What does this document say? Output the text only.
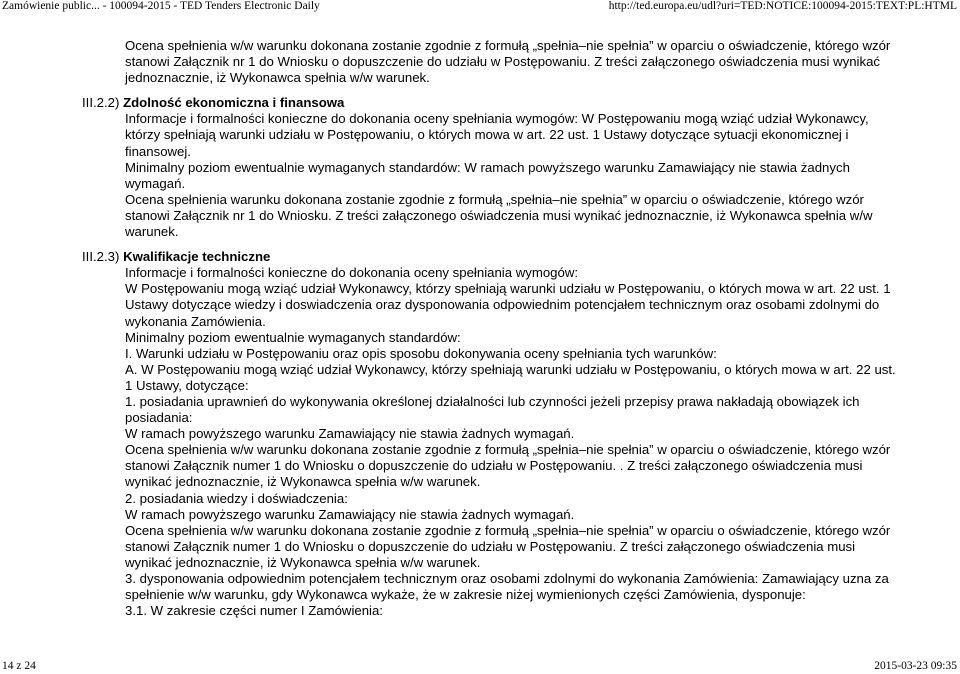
Zamówienie public... - 100094-2015 - TED Tenders Electronic Daily	http://ted.europa.eu/udl?uri=TED:NOTICE:100094-2015:TEXT:PL:HTML

Ocena spełnienia w/w warunku dokonana zostanie zgodnie z formułą „spełnia–nie spełnia” w oparciu o oświadczenie, którego wzór stanowi Załącznik nr 1 do Wniosku o dopuszczenie do udziału w Postępowaniu. Z treści załączonego oświadczenia musi wynikać jednoznacznie, iż Wykonawca spełnia w/w warunek.

III.2.2) Zdolność ekonomiczna i finansowa

Informacje i formalności konieczne do dokonania oceny spełniania wymogów: W Postępowaniu mogą wziąć udział Wykonawcy, którzy spełniają warunki udziału w Postępowaniu, o których mowa w art. 22 ust. 1 Ustawy dotyczące sytuacji ekonomicznej i finansowej.

Minimalny poziom ewentualnie wymaganych standardów: W ramach powyższego warunku Zamawiający nie stawia żadnych wymagań.

Ocena spełnienia warunku dokonana zostanie zgodnie z formułą „spełnia–nie spełnia” w oparciu o oświadczenie, którego wzór stanowi Załącznik nr 1 do Wniosku. Z treści załączonego oświadczenia musi wynikać jednoznacznie, iż Wykonawca spełnia w/w warunek.

III.2.3) Kwalifikacje techniczne

Informacje i formalności konieczne do dokonania oceny spełniania wymogów:

W Postępowaniu mogą wziąć udział Wykonawcy, którzy spełniają warunki udziału w Postępowaniu, o których mowa w art. 22 ust. 1 Ustawy dotyczące wiedzy i doswiadczenia oraz dysponowania odpowiednim potencjałem technicznym oraz osobami zdolnymi do wykonania Zamówienia.

Minimalny poziom ewentualnie wymaganych standardów:

I. Warunki udziału w Postępowaniu oraz opis sposobu dokonywania oceny spełniania tych warunków:

A. W Postępowaniu mogą wziąć udział Wykonawcy, którzy spełniają warunki udziału w Postępowaniu, o których mowa w art. 22 ust. 1 Ustawy, dotyczące:

1. posiadania uprawnień do wykonywania określonej działalności lub czynności jeżeli przepisy prawa nakładają obowiązek ich posiadania:

W ramach powyższego warunku Zamawiający nie stawia żadnych wymagań.

Ocena spełnienia w/w warunku dokonana zostanie zgodnie z formułą „spełnia–nie spełnia” w oparciu o oświadczenie, którego wzór stanowi Załącznik numer 1 do Wniosku o dopuszczenie do udziału w Postępowaniu. . Z treści załączonego oświadczenia musi wynikać jednoznacznie, iż Wykonawca spełnia w/w warunek.

2. posiadania wiedzy i doświadczenia:

W ramach powyższego warunku Zamawiający nie stawia żadnych wymagań.

Ocena spełnienia w/w warunku dokonana zostanie zgodnie z formułą „spełnia–nie spełnia” w oparciu o oświadczenie, którego wzór stanowi Załącznik numer 1 do Wniosku o dopuszczenie do udziału w Postępowaniu. Z treści załączonego oświadczenia musi wynikać jednoznacznie, iż Wykonawca spełnia w/w warunek.

3. dysponowania odpowiednim potencjałem technicznym oraz osobami zdolnymi do wykonania Zamówienia: Zamawiający uzna za spełnienie w/w warunku, gdy Wykonawca wykaże, że w zakresie niżej wymienionych części Zamówienia, dysponuje:

3.1. W zakresie części numer I Zamówienia:

14 z 24	2015-03-23 09:35
